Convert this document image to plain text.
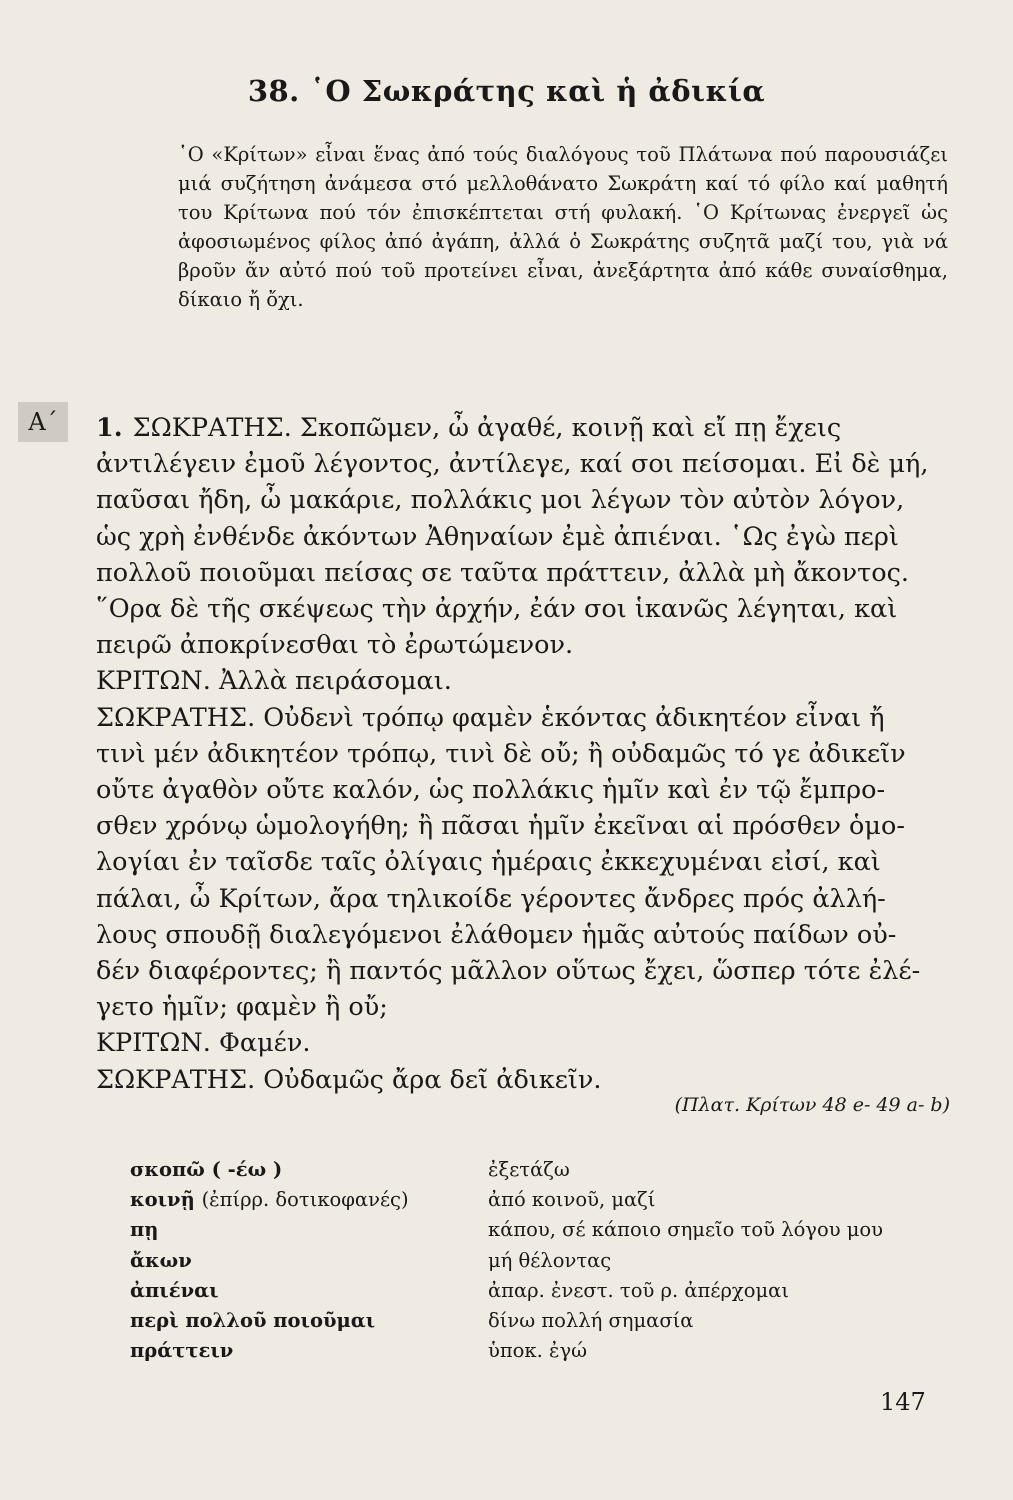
38. ῾Ο Σωκράτης καὶ ἡ ἀδικία
῾Ο «Κρίτων» εἶναι ἕνας ἀπό τούς διαλόγους τοῦ Πλάτωνα πού παρουσιάζει μιά συζήτηση ἀνάμεσα στό μελλοθάνατο Σωκράτη καί τό φίλο καί μαθητή του Κρίτωνα πού τόν ἐπισκέπτεται στή φυλακή. ῾Ο Κρίτωνας ἐνεργεῖ ὡς ἀφοσιωμένος φίλος ἀπό ἀγάπη, ἀλλά ὁ Σωκράτης συζητᾶ μαζί του, γιὰ νά βροῦν ἄν αὐτό πού τοῦ προτείνει εἶναι, ἀνεξάρτητα ἀπό κάθε συναίσθημα, δίκαιο ἤ ὄχι.
Α΄	1. ΣΩΚΡΑΤΗΣ. Σκοπῶμεν, ὦ ἀγαθέ, κοινῇ καὶ εἴ πῃ ἔχεις
ἀντιλέγειν ἐμοῦ λέγοντος, ἀντίλεγε, καί σοι πείσομαι. Εἰ δὲ μή,
παῦσαι ἤδη, ὦ μακάριε, πολλάκις μοι λέγων τὸν αὐτὸν λόγον,
ὡς χρὴ ἐνθένδε ἀκόντων Ἀθηναίων ἐμὲ ἀπιέναι. ῾Ως ἐγὼ περὶ
πολλοῦ ποιοῦμαι πείσας σε ταῦτα πράττειν, ἀλλὰ μὴ ἄκοντος.
῞Ορα δὲ τῆς σκέψεως τὴν ἀρχήν, ἐάν σοι ἱκανῶς λέγηται, καὶ
πειρῶ ἀποκρίνεσθαι τὸ ἐρωτώμενον.
ΚΡΙΤΩΝ. Ἀλλὰ πειράσομαι.
ΣΩΚΡΑΤΗΣ. Οὐδενὶ τρόπῳ φαμὲν ἑκόντας ἀδικητέον εἶναι ἤ
τινὶ μέν ἀδικητέον τρόπῳ, τινὶ δὲ οὔ; ἢ οὐδαμῶς τό γε ἀδικεῖν
οὔτε ἀγαθὸν οὔτε καλόν, ὡς πολλάκις ἡμῖν καὶ ἐν τῷ ἔμπρο-
σθεν χρόνῳ ὡμολογήθη; ἢ πᾶσαι ἡμῖν ἐκεῖναι αἱ πρόσθεν ὁμο-
λογίαι ἐν ταῖσδε ταῖς ὀλίγαις ἡμέραις ἐκκεχυμέναι εἰσί, καὶ
πάλαι, ὦ Κρίτων, ἄρα τηλικοίδε γέροντες ἄνδρες πρός ἀλλή-
λους σπουδῇ διαλεγόμενοι ἐλάθομεν ἡμᾶς αὐτούς παίδων οὐ-
δέν διαφέροντες; ἢ παντός μᾶλλον οὕτως ἔχει, ὥσπερ τότε ἐλέ-
γετο ἡμῖν; φαμὲν ἢ οὔ;
ΚΡΙΤΩΝ. Φαμέν.
ΣΩΚΡΑΤΗΣ. Οὐδαμῶς ἄρα δεῖ ἀδικεῖν.
(Πλατ. Κρίτων 48 e- 49 a- b)
σκοπῶ ( -έω )	ἐξετάζω
κοινῇ (ἐπίρρ. δοτικοφανές)	ἀπό κοινοῦ, μαζί
πῃ	κάπου, σέ κάποιο σημεῖο τοῦ λόγου μου
ἄκων	μή θέλοντας
ἀπιέναι	ἀπαρ. ἐνεστ. τοῦ ρ. ἀπέρχομαι
περὶ πολλοῦ ποιοῦμαι	δίνω πολλή σημασία
πράττειν	ὑποκ. ἐγώ
147
